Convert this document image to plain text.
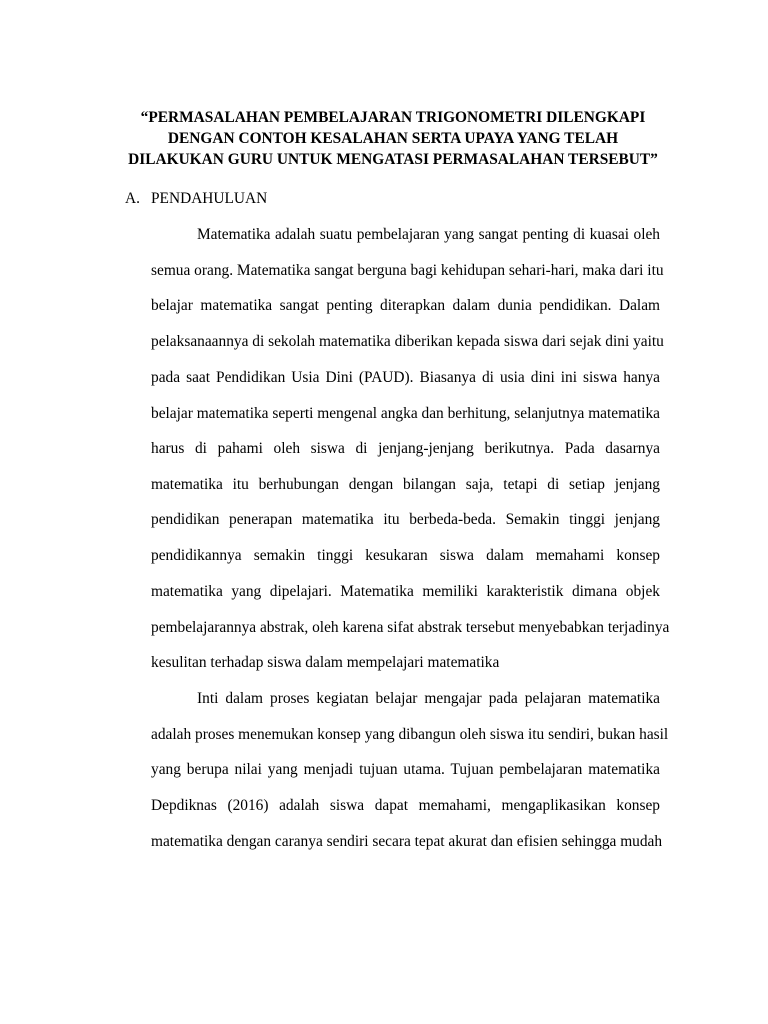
“PERMASALAHAN PEMBELAJARAN TRIGONOMETRI DILENGKAPI
DENGAN CONTOH KESALAHAN SERTA UPAYA YANG TELAH
DILAKUKAN GURU UNTUK MENGATASI PERMASALAHAN TERSEBUT”

A. PENDAHULUAN

Matematika adalah suatu pembelajaran yang sangat penting di kuasai oleh

semua orang. Matematika sangat berguna bagi kehidupan sehari-hari, maka dari itu

belajar matematika sangat penting diterapkan dalam dunia pendidikan. Dalam

pelaksanaannya di sekolah matematika diberikan kepada siswa dari sejak dini yaitu

pada saat Pendidikan Usia Dini (PAUD). Biasanya di usia dini ini siswa hanya

belajar matematika seperti mengenal angka dan berhitung, selanjutnya matematika

harus di pahami oleh siswa di jenjang-jenjang berikutnya. Pada dasarnya

matematika itu berhubungan dengan bilangan saja, tetapi di setiap jenjang

pendidikan penerapan matematika itu berbeda-beda. Semakin tinggi jenjang

pendidikannya semakin tinggi kesukaran siswa dalam memahami konsep

matematika yang dipelajari. Matematika memiliki karakteristik dimana objek

pembelajarannya abstrak, oleh karena sifat abstrak tersebut menyebabkan terjadinya

kesulitan terhadap siswa dalam mempelajari matematika

Inti dalam proses kegiatan belajar mengajar pada pelajaran matematika

adalah proses menemukan konsep yang dibangun oleh siswa itu sendiri, bukan hasil

yang berupa nilai yang menjadi tujuan utama. Tujuan pembelajaran matematika

Depdiknas (2016) adalah siswa dapat memahami, mengaplikasikan konsep

matematika dengan caranya sendiri secara tepat akurat dan efisien sehingga mudah
